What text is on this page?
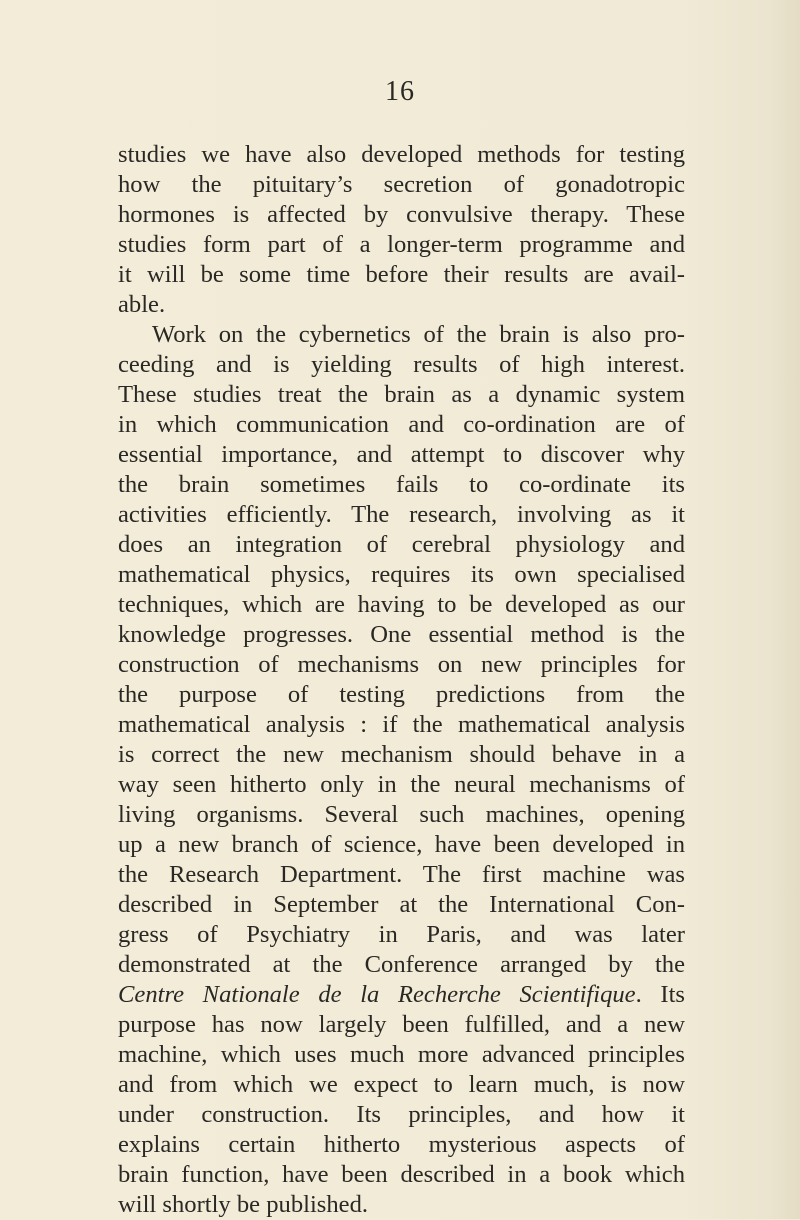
16
studies we have also developed methods for testing
how the pituitary’s secretion of gonadotropic
hormones is affected by convulsive therapy. These
studies form part of a longer-term programme and
it will be some time before their results are avail-
able.
Work on the cybernetics of the brain is also pro-
ceeding and is yielding results of high interest.
These studies treat the brain as a dynamic system
in which communication and co-ordination are of
essential importance, and attempt to discover why
the brain sometimes fails to co-ordinate its
activities efficiently. The research, involving as it
does an integration of cerebral physiology and
mathematical physics, requires its own specialised
techniques, which are having to be developed as our
knowledge progresses. One essential method is the
construction of mechanisms on new principles for
the purpose of testing predictions from the
mathematical analysis : if the mathematical analysis
is correct the new mechanism should behave in a
way seen hitherto only in the neural mechanisms of
living organisms. Several such machines, opening
up a new branch of science, have been developed in
the Research Department. The first machine was
described in September at the International Con-
gress of Psychiatry in Paris, and was later
demonstrated at the Conference arranged by the
Centre Nationale de la Recherche Scientifique. Its
purpose has now largely been fulfilled, and a new
machine, which uses much more advanced principles
and from which we expect to learn much, is now
under construction. Its principles, and how it
explains certain hitherto mysterious aspects of
brain function, have been described in a book which
will shortly be published.
